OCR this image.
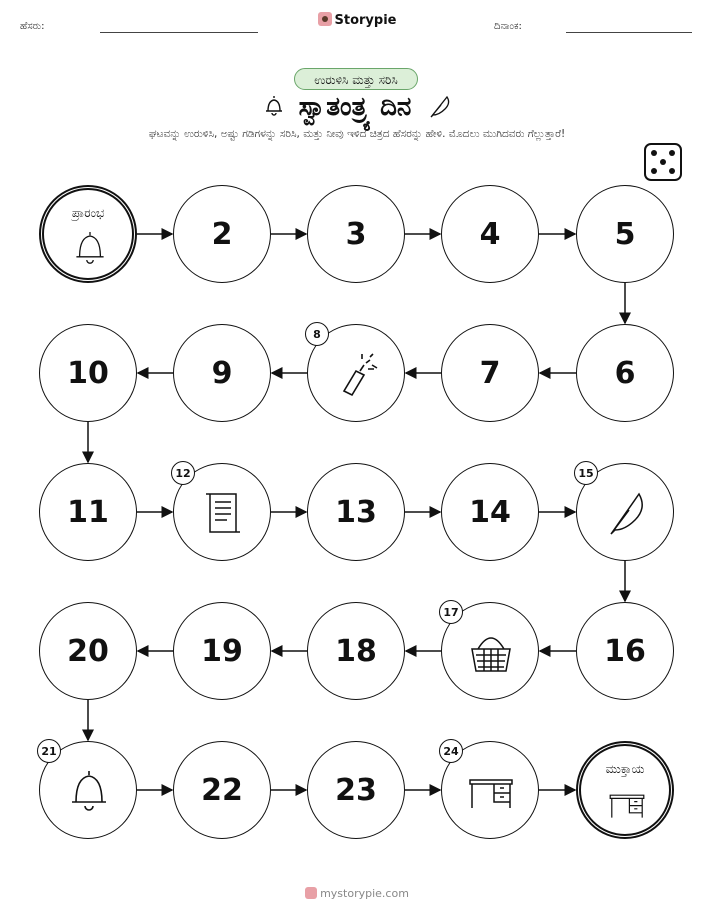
ಹೆಸರು:	Storypie	ದಿನಾಂಕ:
ಉರುಳಿಸಿ ಮತ್ತು ಸರಿಸಿ
ಸ್ವಾತಂತ್ರ್ಯ ದಿನ
ಘಟವನ್ನು ಉರುಳಿಸಿ, ಅಷ್ಟು ಗಡಿಗಳನ್ನು ಸರಿಸಿ, ಮತ್ತು ನೀವು ಇಳಿದ ಚಿತ್ರದ ಹೆಸರನ್ನು ಹೇಳಿ. ಮೊದಲು ಮುಗಿದವರು ಗೆಲ್ಲುತ್ತಾರೆ!
ಪ್ರಾರಂಭ
2	3	4	5
6
7
8
9
10
11
12
13	14
15
16
17
18
19
20
21
22	23
24
ಮುಕ್ತಾಯ
mystorypie.com
